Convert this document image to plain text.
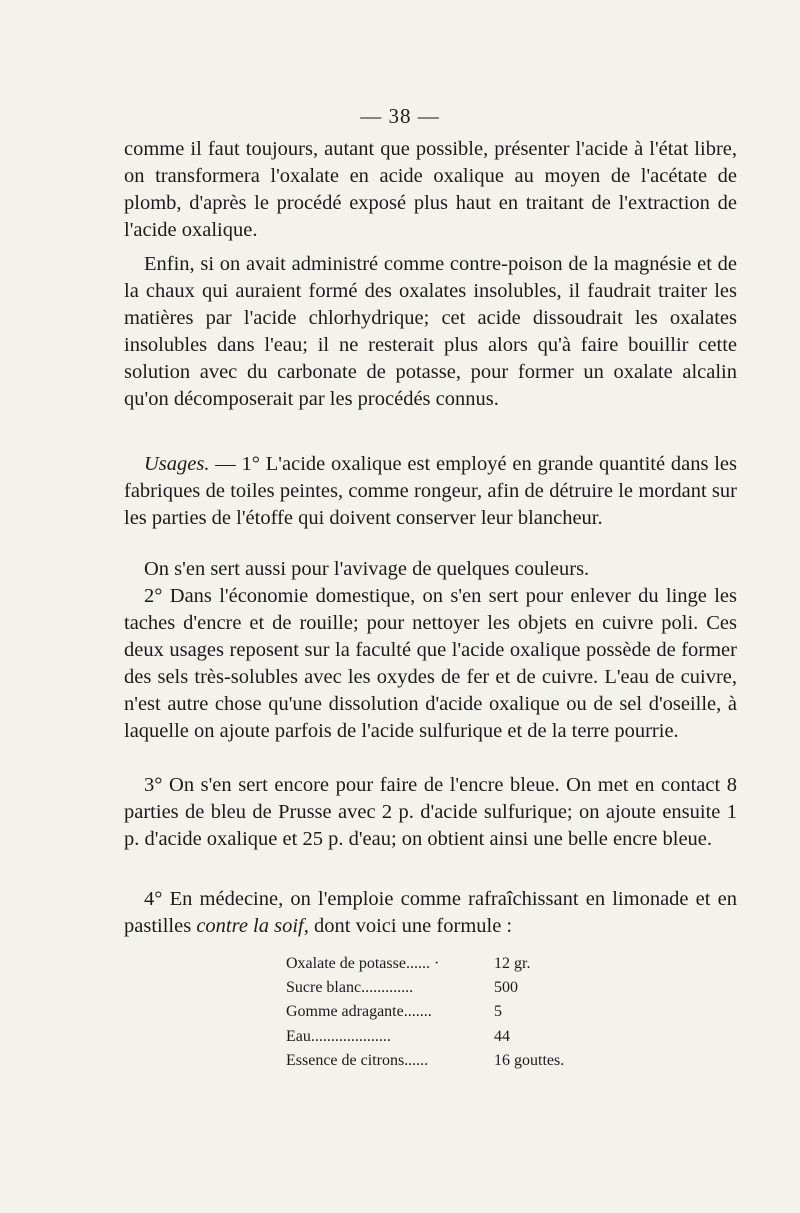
— 38 —

comme il faut toujours, autant que possible, présenter l'acide à l'état libre, on transformera l'oxalate en acide oxalique au moyen de l'acétate de plomb, d'après le procédé exposé plus haut en traitant de l'extraction de l'acide oxalique.

Enfin, si on avait administré comme contre-poison de la magnésie et de la chaux qui auraient formé des oxalates insolubles, il faudrait traiter les matières par l'acide chlorhydrique; cet acide dissoudrait les oxalates insolubles dans l'eau; il ne resterait plus alors qu'à faire bouillir cette solution avec du carbonate de potasse, pour former un oxalate alcalin qu'on décomposerait par les procédés connus.

Usages. — 1° L'acide oxalique est employé en grande quantité dans les fabriques de toiles peintes, comme rongeur, afin de détruire le mordant sur les parties de l'étoffe qui doivent conserver leur blancheur.

On s'en sert aussi pour l'avivage de quelques couleurs.

2° Dans l'économie domestique, on s'en sert pour enlever du linge les taches d'encre et de rouille; pour nettoyer les objets en cuivre poli. Ces deux usages reposent sur la faculté que l'acide oxalique possède de former des sels très-solubles avec les oxydes de fer et de cuivre. L'eau de cuivre, n'est autre chose qu'une dissolution d'acide oxalique ou de sel d'oseille, à laquelle on ajoute parfois de l'acide sulfurique et de la terre pourrie.

3° On s'en sert encore pour faire de l'encre bleue. On met en contact 8 parties de bleu de Prusse avec 2 p. d'acide sulfurique; on ajoute ensuite 1 p. d'acide oxalique et 25 p. d'eau; on obtient ainsi une belle encre bleue.

4° En médecine, on l'emploie comme rafraîchissant en limonade et en pastilles contre la soif, dont voici une formule :

Oxalate de potasse...... ·	12 gr.
Sucre blanc.............	500
Gomme adragante.......	5
Eau....................	44
Essence de citrons......	16 gouttes.
